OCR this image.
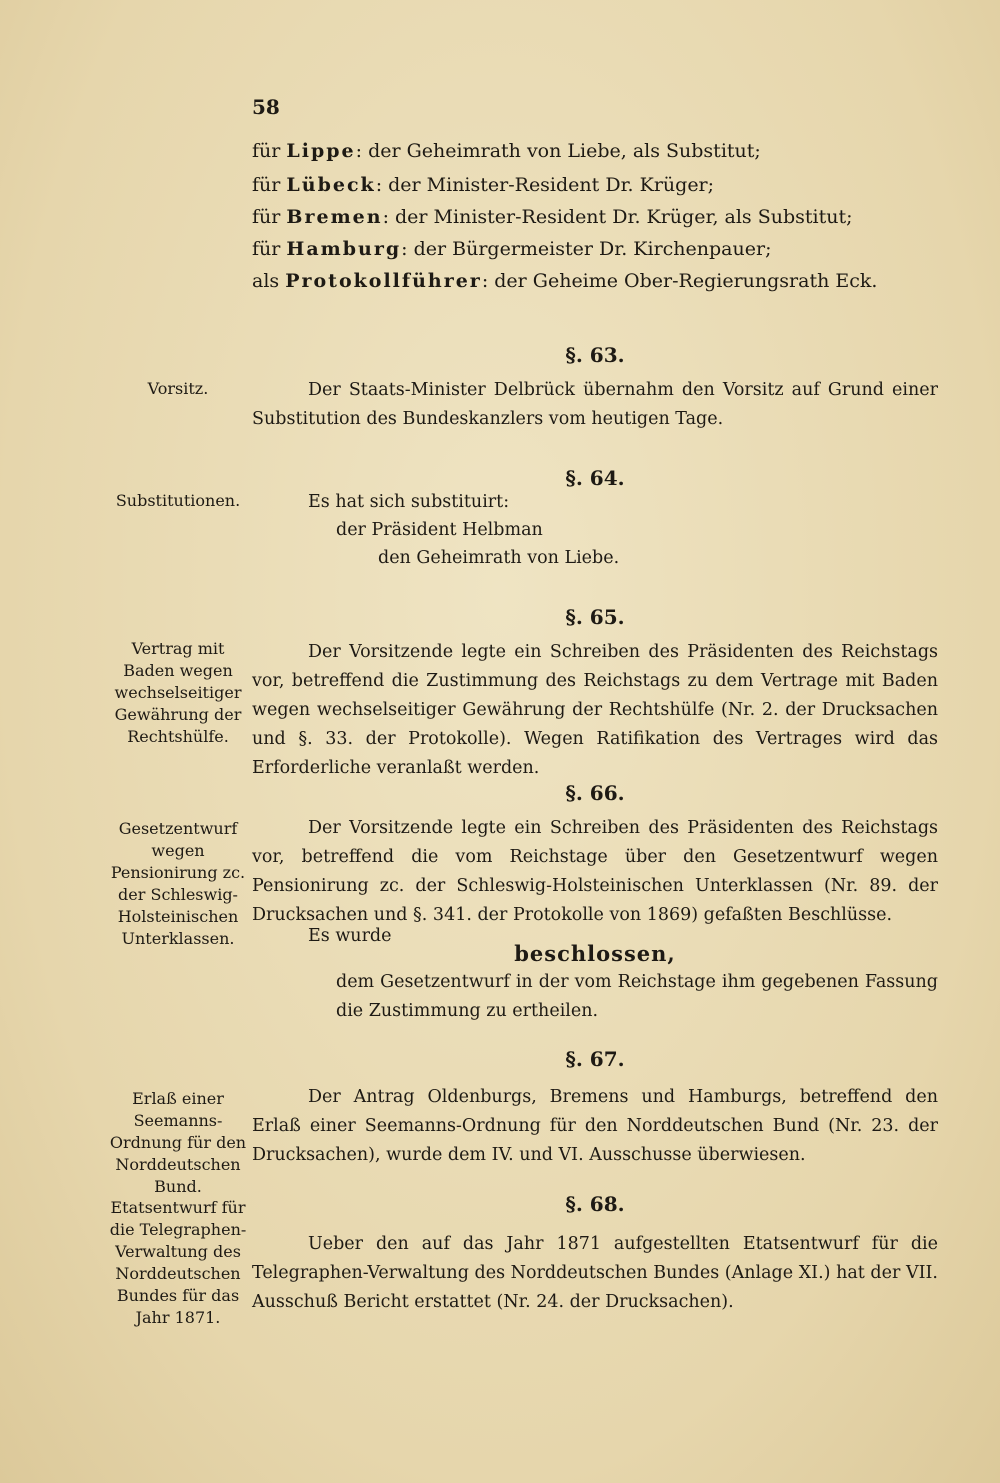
58
für Lippe: der Geheimrath von Liebe, als Substitut;
für Lübeck: der Minister-Resident Dr. Krüger;
für Bremen: der Minister-Resident Dr. Krüger, als Substitut;
für Hamburg: der Bürgermeister Dr. Kirchenpauer;
als Protokollführer: der Geheime Ober-Regierungsrath Eck.
§. 63.
Vorsitz.	Der Staats-Minister Delbrück übernahm den Vorsitz auf Grund einer Substitution des Bundeskanzlers vom heutigen Tage.

§. 64.
Substitutionen.	Es hat sich substituirt:
der Präsident Helbman
den Geheimrath von Liebe.
§. 65.
Vertrag mit Baden wegen wechselseitiger Gewährung der Rechtshülfe.

Der Vorsitzende legte ein Schreiben des Präsidenten des Reichstags vor, betreffend die Zustimmung des Reichstags zu dem Vertrage mit Baden wegen wechselseitiger Gewährung der Rechtshülfe (Nr. 2. der Drucksachen und §. 33. der Protokolle). Wegen Ratifikation des Vertrages wird das Erforderliche veranlaßt werden.

§. 66.
Gesetzentwurf wegen Pensionirung zc. der Schleswig-Holsteinischen Unterklassen.

Der Vorsitzende legte ein Schreiben des Präsidenten des Reichstags vor, betreffend die vom Reichstage über den Gesetzentwurf wegen Pensionirung zc. der Schleswig-Holsteinischen Unterklassen (Nr. 89. der Drucksachen und §. 341. der Protokolle von 1869) gefaßten Beschlüsse.

Es wurde
beschlossen,

dem Gesetzentwurf in der vom Reichstage ihm gegebenen Fassung die Zustimmung zu ertheilen.

§. 67.
Erlaß einer Seemanns-Ordnung für den Norddeutschen Bund.

Der Antrag Oldenburgs, Bremens und Hamburgs, betreffend den Erlaß einer Seemanns-Ordnung für den Norddeutschen Bund (Nr. 23. der Drucksachen), wurde dem IV. und VI. Ausschusse überwiesen.

§. 68.
Etatsentwurf für die Telegraphen-Verwaltung des Norddeutschen Bundes für das Jahr 1871.

Ueber den auf das Jahr 1871 aufgestellten Etatsentwurf für die Telegraphen-Verwaltung des Norddeutschen Bundes (Anlage XI.) hat der VII. Ausschuß Bericht erstattet (Nr. 24. der Drucksachen).
